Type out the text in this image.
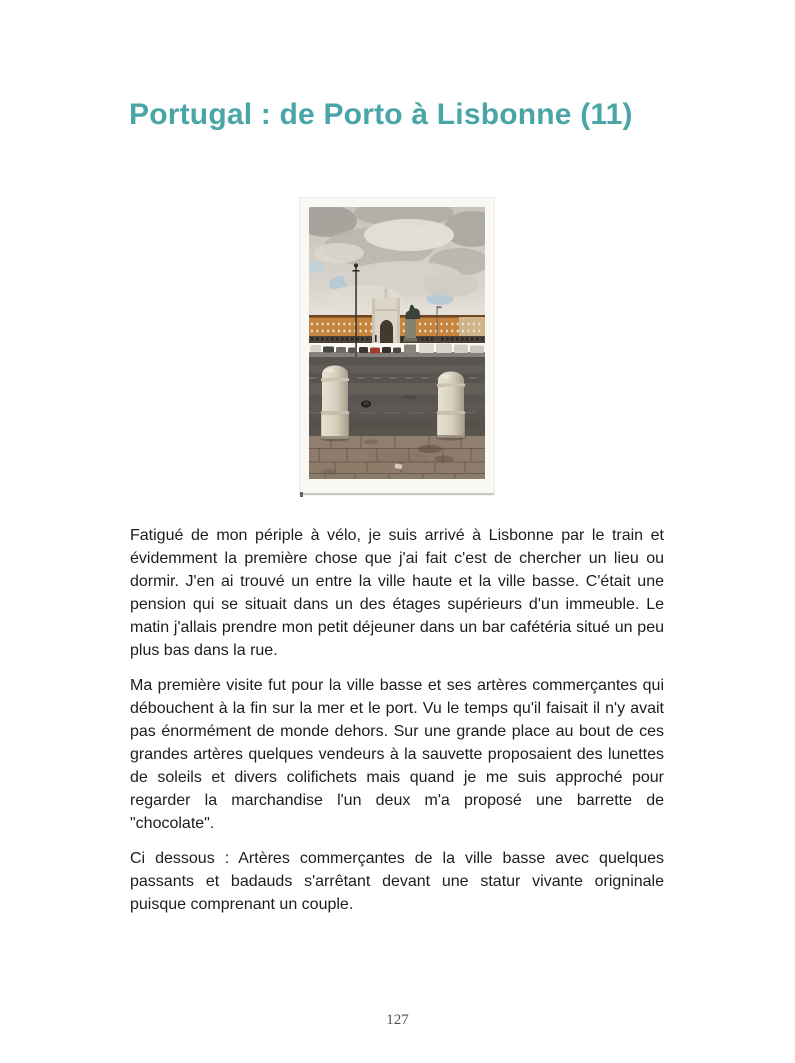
Portugal : de Porto à Lisbonne (11)

Fatigué de mon périple à vélo, je suis arrivé à Lisbonne par le train et évidemment la première chose que j'ai fait c'est de chercher un lieu ou dormir. J'en ai trouvé un entre la ville haute et la ville basse. C'était une pension qui se situait dans un des étages supérieurs d'un immeuble. Le matin j'allais prendre mon petit déjeuner dans un bar cafétéria situé un peu plus bas dans la rue.

Ma première visite fut pour la ville basse et ses artères commerçantes qui débouchent à la fin sur la mer et le port. Vu le temps qu'il faisait il n'y avait pas énormément de monde dehors. Sur une grande place au bout de ces grandes artères quelques vendeurs à la sauvette proposaient des lunettes de soleils et divers colifichets mais quand je me suis approché pour regarder la marchandise l'un deux m'a proposé une barrette de "chocolate".

Ci dessous : Artères commerçantes de la ville basse avec quelques passants et badauds s'arrêtant devant une statur vivante origninale puisque comprenant un couple.

127
